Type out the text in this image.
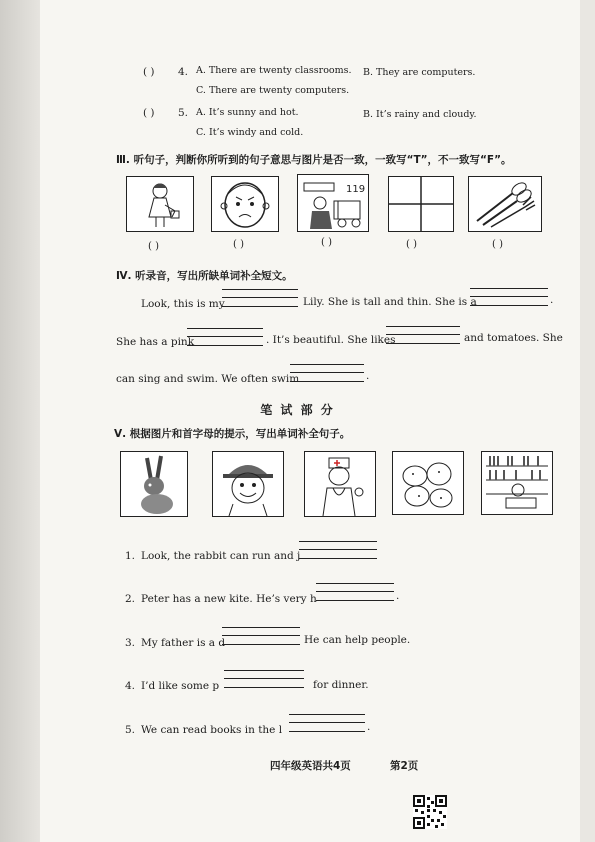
( ) 4. A. There are twenty classrooms. B. They are computers.
C. There are twenty computers.
( ) 5. A. It’s sunny and hot.	B. It’s rainy and cloudy.
C. It’s windy and cold.
Ⅲ. 听句子，判断你所听到的句子意思与图片是否一致，一致写“T”，不一致写“F”。
119
( )	( )	( )	( )	( )
Ⅳ. 听录音，写出所缺单词补全短文。
Look, this is my	Lily. She is tall and thin. She is a	.
She has a pink	. It’s beautiful. She likes	and tomatoes. She
can sing and swim. We often swim	.
笔 试 部 分
Ⅴ. 根据图片和首字母的提示，写出单词补全句子。

1. Look, the rabbit can run and j
2. Peter has a new kite. He’s very h	.
3. My father is a d	He can help people.
4. I’d like some p	for dinner.
5. We can read books in the l	.
四年级英语共4页	第2页
